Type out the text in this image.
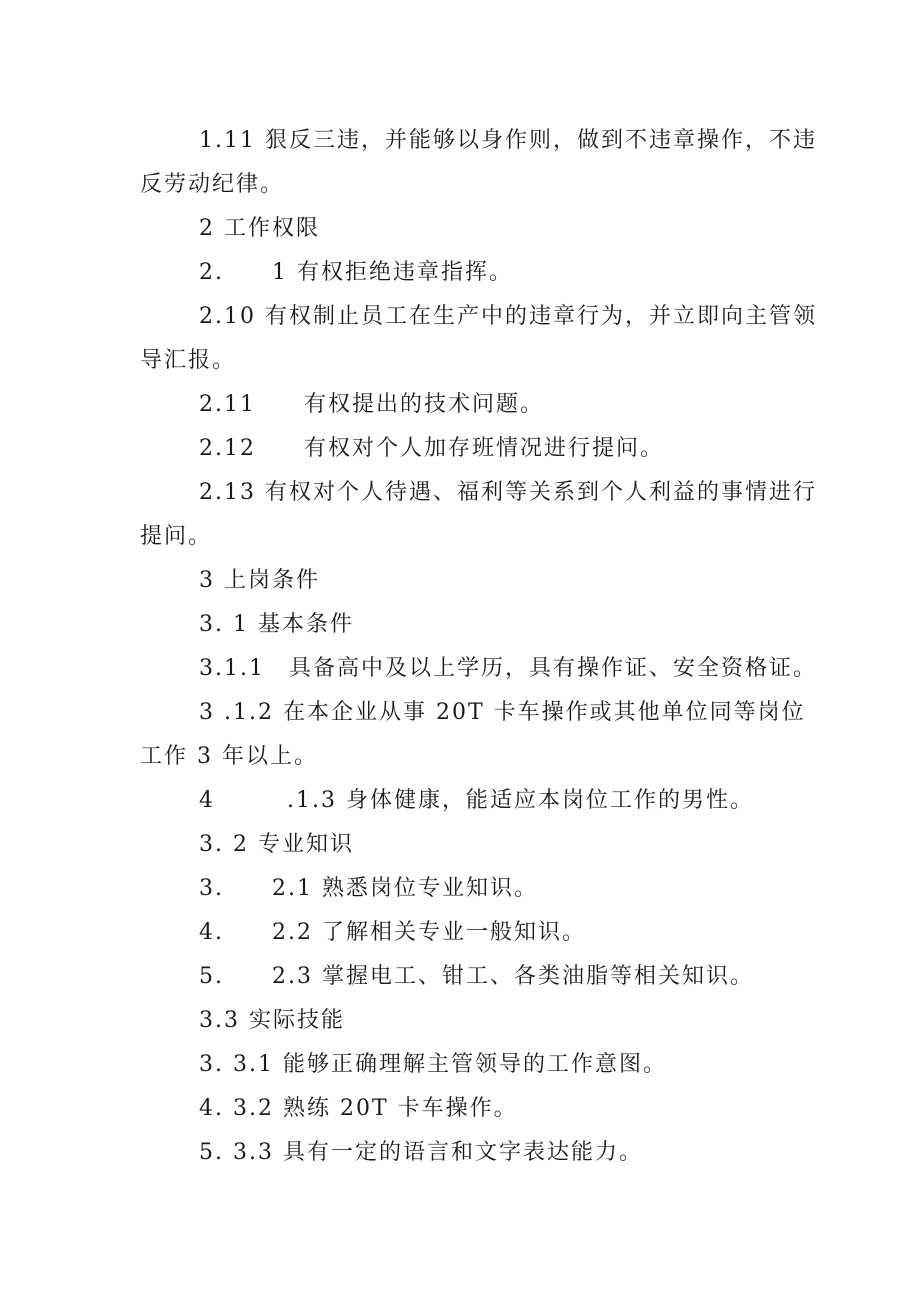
1.11 狠反三违，并能够以身作则，做到不违章操作，不违
反劳动纪律。
2 工作权限
2.　　1 有权拒绝违章指挥。
2.10 有权制止员工在生产中的违章行为，并立即向主管领
导汇报。
2.11　　有权提出的技术问题。
2.12　　有权对个人加存班情况进行提问。
2.13 有权对个人待遇、福利等关系到个人利益的事情进行
提问。
3 上岗条件
3. 1 基本条件
3.1.1　具备高中及以上学历，具有操作证、安全资格证。
3 .1.2 在本企业从事 20T 卡车操作或其他单位同等岗位
工作 3 年以上。
4　　　.1.3 身体健康，能适应本岗位工作的男性。
3. 2 专业知识
3.　　2.1 熟悉岗位专业知识。
4.　　2.2 了解相关专业一般知识。
5.　　2.3 掌握电工、钳工、各类油脂等相关知识。
3.3 实际技能
3. 3.1 能够正确理解主管领导的工作意图。
4. 3.2 熟练 20T 卡车操作。
5. 3.3 具有一定的语言和文字表达能力。
